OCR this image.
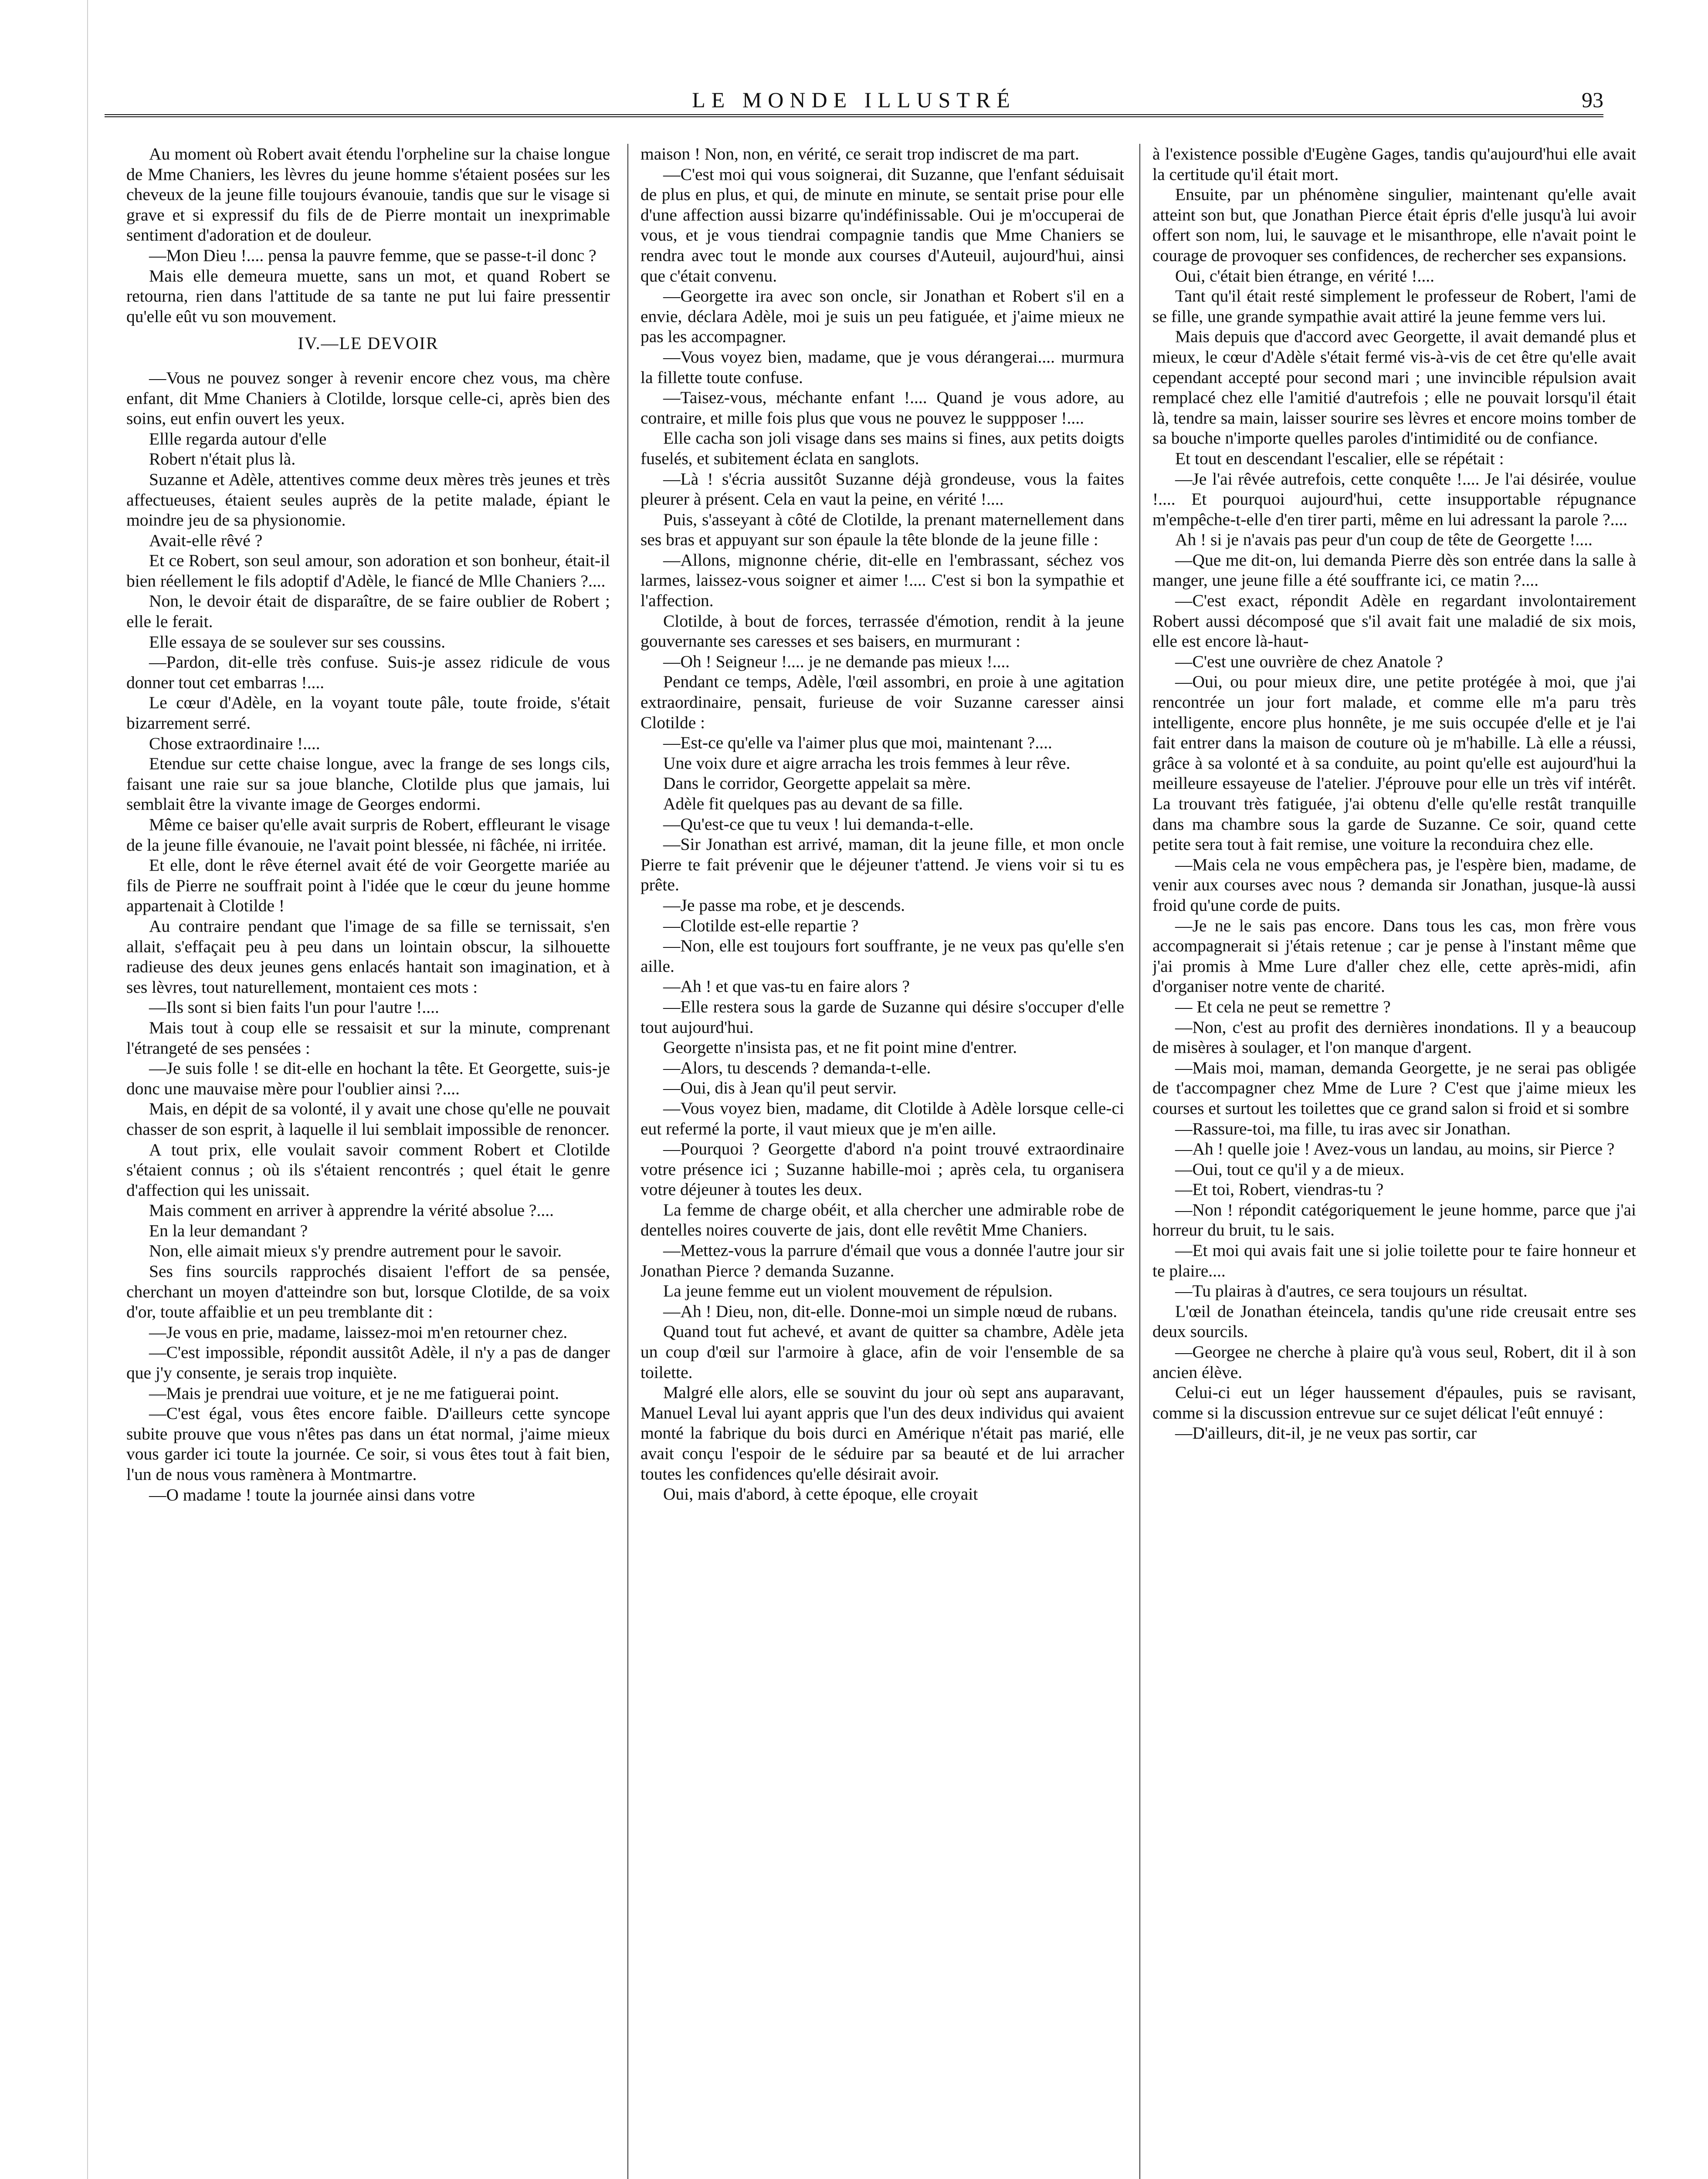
LE MONDE ILLUSTRÉ	93

Au moment où Robert avait étendu l'orpheline sur la chaise longue de Mme Chaniers, les lèvres du jeune homme s'étaient posées sur les cheveux de la jeune fille toujours évanouie, tandis que sur le visage si grave et si expressif du fils de de Pierre montait un inexprimable sentiment d'adoration et de douleur.

—Mon Dieu !.... pensa la pauvre femme, que se passe-t-il donc ?

Mais elle demeura muette, sans un mot, et quand Robert se retourna, rien dans l'attitude de sa tante ne put lui faire pressentir qu'elle eût vu son mouvement.

IV.—LE DEVOIR

—Vous ne pouvez songer à revenir encore chez vous, ma chère enfant, dit Mme Chaniers à Clotilde, lorsque celle-ci, après bien des soins, eut enfin ouvert les yeux.

Ellle regarda autour d'elle

Robert n'était plus là.

Suzanne et Adèle, attentives comme deux mères très jeunes et très affectueuses, étaient seules auprès de la petite malade, épiant le moindre jeu de sa physionomie.

Avait-elle rêvé ?

Et ce Robert, son seul amour, son adoration et son bonheur, était-il bien réellement le fils adoptif d'Adèle, le fiancé de Mlle Chaniers ?....

Non, le devoir était de disparaître, de se faire oublier de Robert ; elle le ferait.

Elle essaya de se soulever sur ses coussins.

—Pardon, dit-elle très confuse. Suis-je assez ridicule de vous donner tout cet embarras !....

Le cœur d'Adèle, en la voyant toute pâle, toute froide, s'était bizarrement serré.

Chose extraordinaire !....

Etendue sur cette chaise longue, avec la frange de ses longs cils, faisant une raie sur sa joue blanche, Clotilde plus que jamais, lui semblait être la vivante image de Georges endormi.

Même ce baiser qu'elle avait surpris de Robert, effleurant le visage de la jeune fille évanouie, ne l'avait point blessée, ni fâchée, ni irritée.

Et elle, dont le rêve éternel avait été de voir Georgette mariée au fils de Pierre ne souffrait point à l'idée que le cœur du jeune homme appartenait à Clotilde !

Au contraire pendant que l'image de sa fille se ternissait, s'en allait, s'effaçait peu à peu dans un lointain obscur, la silhouette radieuse des deux jeunes gens enlacés hantait son imagination, et à ses lèvres, tout naturellement, montaient ces mots :

—Ils sont si bien faits l'un pour l'autre !....

Mais tout à coup elle se ressaisit et sur la minute, comprenant l'étrangeté de ses pensées :

—Je suis folle ! se dit-elle en hochant la tête. Et Georgette, suis-je donc une mauvaise mère pour l'oublier ainsi ?....

Mais, en dépit de sa volonté, il y avait une chose qu'elle ne pouvait chasser de son esprit, à laquelle il lui semblait impossible de renoncer.

A tout prix, elle voulait savoir comment Robert et Clotilde s'étaient connus ; où ils s'étaient rencontrés ; quel était le genre d'affection qui les unissait.

Mais comment en arriver à apprendre la vérité absolue ?....

En la leur demandant ?

Non, elle aimait mieux s'y prendre autrement pour le savoir.

Ses fins sourcils rapprochés disaient l'effort de sa pensée, cherchant un moyen d'atteindre son but, lorsque Clotilde, de sa voix d'or, toute affaiblie et un peu tremblante dit :

—Je vous en prie, madame, laissez-moi m'en retourner chez.

—C'est impossible, répondit aussitôt Adèle, il n'y a pas de danger que j'y consente, je serais trop inquiète.

—Mais je prendrai uue voiture, et je ne me fatiguerai point.

—C'est égal, vous êtes encore faible. D'ailleurs cette syncope subite prouve que vous n'êtes pas dans un état normal, j'aime mieux vous garder ici toute la journée. Ce soir, si vous êtes tout à fait bien, l'un de nous vous ramènera à Montmartre.

—O madame ! toute la journée ainsi dans votre

maison ! Non, non, en vérité, ce serait trop indiscret de ma part.

—C'est moi qui vous soignerai, dit Suzanne, que l'enfant séduisait de plus en plus, et qui, de minute en minute, se sentait prise pour elle d'une affection aussi bizarre qu'indéfinissable. Oui je m'occuperai de vous, et je vous tiendrai compagnie tandis que Mme Chaniers se rendra avec tout le monde aux courses d'Auteuil, aujourd'hui, ainsi que c'était convenu.

—Georgette ira avec son oncle, sir Jonathan et Robert s'il en a envie, déclara Adèle, moi je suis un peu fatiguée, et j'aime mieux ne pas les accompagner.

—Vous voyez bien, madame, que je vous dérangerai.... murmura la fillette toute confuse.

—Taisez-vous, méchante enfant !.... Quand je vous adore, au contraire, et mille fois plus que vous ne pouvez le suppposer !....

Elle cacha son joli visage dans ses mains si fines, aux petits doigts fuselés, et subitement éclata en sanglots.

—Là ! s'écria aussitôt Suzanne déjà grondeuse, vous la faites pleurer à présent. Cela en vaut la peine, en vérité !....

Puis, s'asseyant à côté de Clotilde, la prenant maternellement dans ses bras et appuyant sur son épaule la tête blonde de la jeune fille :

—Allons, mignonne chérie, dit-elle en l'embrassant, séchez vos larmes, laissez-vous soigner et aimer !.... C'est si bon la sympathie et l'affection.

Clotilde, à bout de forces, terrassée d'émotion, rendit à la jeune gouvernante ses caresses et ses baisers, en murmurant :

—Oh ! Seigneur !.... je ne demande pas mieux !....

Pendant ce temps, Adèle, l'œil assombri, en proie à une agitation extraordinaire, pensait, furieuse de voir Suzanne caresser ainsi Clotilde :

—Est-ce qu'elle va l'aimer plus que moi, maintenant ?....

Une voix dure et aigre arracha les trois femmes à leur rêve.

Dans le corridor, Georgette appelait sa mère.

Adèle fit quelques pas au devant de sa fille.

—Qu'est-ce que tu veux ! lui demanda-t-elle.

—Sir Jonathan est arrivé, maman, dit la jeune fille, et mon oncle Pierre te fait prévenir que le déjeuner t'attend. Je viens voir si tu es prête.

—Je passe ma robe, et je descends.

—Clotilde est-elle repartie ?

—Non, elle est toujours fort souffrante, je ne veux pas qu'elle s'en aille.

—Ah ! et que vas-tu en faire alors ?

—Elle restera sous la garde de Suzanne qui désire s'occuper d'elle tout aujourd'hui.

Georgette n'insista pas, et ne fit point mine d'entrer.

—Alors, tu descends ? demanda-t-elle.

—Oui, dis à Jean qu'il peut servir.

—Vous voyez bien, madame, dit Clotilde à Adèle lorsque celle-ci eut refermé la porte, il vaut mieux que je m'en aille.

—Pourquoi ? Georgette d'abord n'a point trouvé extraordinaire votre présence ici ; Suzanne habille-moi ; après cela, tu organisera votre déjeuner à toutes les deux.

La femme de charge obéit, et alla chercher une admirable robe de dentelles noires couverte de jais, dont elle revêtit Mme Chaniers.

—Mettez-vous la parrure d'émail que vous a donnée l'autre jour sir Jonathan Pierce ? demanda Suzanne.

La jeune femme eut un violent mouvement de répulsion.

—Ah ! Dieu, non, dit-elle. Donne-moi un simple nœud de rubans.

Quand tout fut achevé, et avant de quitter sa chambre, Adèle jeta un coup d'œil sur l'armoire à glace, afin de voir l'ensemble de sa toilette.

Malgré elle alors, elle se souvint du jour où sept ans auparavant, Manuel Leval lui ayant appris que l'un des deux individus qui avaient monté la fabrique du bois durci en Amérique n'était pas marié, elle avait conçu l'espoir de le séduire par sa beauté et de lui arracher toutes les confidences qu'elle désirait avoir.

Oui, mais d'abord, à cette époque, elle croyait

à l'existence possible d'Eugène Gages, tandis qu'aujourd'hui elle avait la certitude qu'il était mort.

Ensuite, par un phénomène singulier, maintenant qu'elle avait atteint son but, que Jonathan Pierce était épris d'elle jusqu'à lui avoir offert son nom, lui, le sauvage et le misanthrope, elle n'avait point le courage de provoquer ses confidences, de rechercher ses expansions.

Oui, c'était bien étrange, en vérité !....

Tant qu'il était resté simplement le professeur de Robert, l'ami de se fille, une grande sympathie avait attiré la jeune femme vers lui.

Mais depuis que d'accord avec Georgette, il avait demandé plus et mieux, le cœur d'Adèle s'était fermé vis-à-vis de cet être qu'elle avait cependant accepté pour second mari ; une invincible répulsion avait remplacé chez elle l'amitié d'autrefois ; elle ne pouvait lorsqu'il était là, tendre sa main, laisser sourire ses lèvres et encore moins tomber de sa bouche n'importe quelles paroles d'intimidité ou de confiance.

Et tout en descendant l'escalier, elle se répétait :

—Je l'ai rêvée autrefois, cette conquête !.... Je l'ai désirée, voulue !.... Et pourquoi aujourd'hui, cette insupportable répugnance m'empêche-t-elle d'en tirer parti, même en lui adressant la parole ?....

Ah ! si je n'avais pas peur d'un coup de tête de Georgette !....

—Que me dit-on, lui demanda Pierre dès son entrée dans la salle à manger, une jeune fille a été souffrante ici, ce matin ?....

—C'est exact, répondit Adèle en regardant involontairement Robert aussi décomposé que s'il avait fait une maladié de six mois, elle est encore là-haut-

—C'est une ouvrière de chez Anatole ?

—Oui, ou pour mieux dire, une petite protégée à moi, que j'ai rencontrée un jour fort malade, et comme elle m'a paru très intelligente, encore plus honnête, je me suis occupée d'elle et je l'ai fait entrer dans la maison de couture où je m'habille. Là elle a réussi, grâce à sa volonté et à sa conduite, au point qu'elle est aujourd'hui la meilleure essayeuse de l'atelier. J'éprouve pour elle un très vif intérêt. La trouvant très fatiguée, j'ai obtenu d'elle qu'elle restât tranquille dans ma chambre sous la garde de Suzanne. Ce soir, quand cette petite sera tout à fait remise, une voiture la reconduira chez elle.

—Mais cela ne vous empêchera pas, je l'espère bien, madame, de venir aux courses avec nous ? demanda sir Jonathan, jusque-là aussi froid qu'une corde de puits.

—Je ne le sais pas encore. Dans tous les cas, mon frère vous accompagnerait si j'étais retenue ; car je pense à l'instant même que j'ai promis à Mme Lure d'aller chez elle, cette après-midi, afin d'organiser notre vente de charité.

— Et cela ne peut se remettre ?

—Non, c'est au profit des dernières inondations. Il y a beaucoup de misères à soulager, et l'on manque d'argent.

—Mais moi, maman, demanda Georgette, je ne serai pas obligée de t'accompagner chez Mme de Lure ? C'est que j'aime mieux les courses et surtout les toilettes que ce grand salon si froid et si sombre

—Rassure-toi, ma fille, tu iras avec sir Jonathan.

—Ah ! quelle joie ! Avez-vous un landau, au moins, sir Pierce ?

—Oui, tout ce qu'il y a de mieux.

—Et toi, Robert, viendras-tu ?

—Non ! répondit catégoriquement le jeune homme, parce que j'ai horreur du bruit, tu le sais.

—Et moi qui avais fait une si jolie toilette pour te faire honneur et te plaire....

—Tu plairas à d'autres, ce sera toujours un résultat.

L'œil de Jonathan éteincela, tandis qu'une ride creusait entre ses deux sourcils.

—Georgee ne cherche à plaire qu'à vous seul, Robert, dit il à son ancien élève.

Celui-ci eut un léger haussement d'épaules, puis se ravisant, comme si la discussion entrevue sur ce sujet délicat l'eût ennuyé :

—D'ailleurs, dit-il, je ne veux pas sortir, car
